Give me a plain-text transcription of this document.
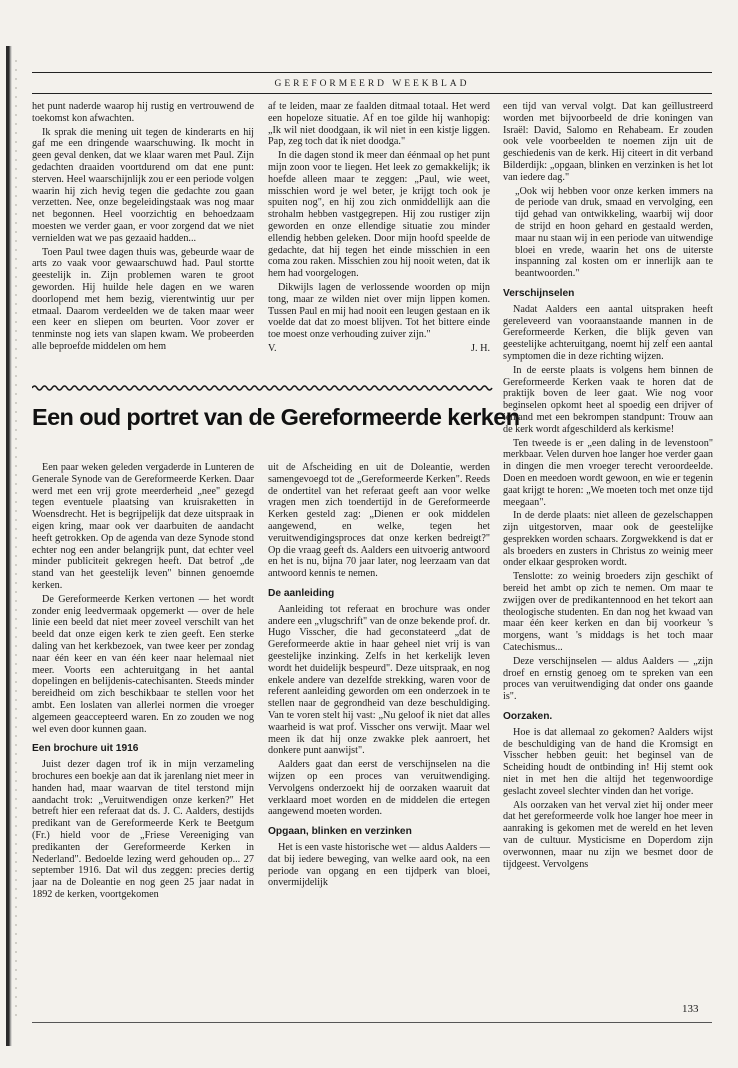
GEREFORMEERD WEEKBLAD

het punt naderde waarop hij rustig en vertrouwend de toekomst kon afwachten.

Ik sprak die mening uit tegen de kinderarts en hij gaf me een dringende waarschuwing. Ik mocht in geen geval denken, dat we klaar waren met Paul. Zijn gedachten draaiden voortdurend om dat ene punt: sterven. Heel waarschijnlijk zou er een periode volgen waarin hij zich hevig tegen die gedachte zou gaan verzetten. Nee, onze begeleidingstaak was nog maar net begonnen. Heel voorzichtig en behoedzaam moesten we verder gaan, er voor zorgend dat we niet vernielden wat we pas gezaaid hadden...

Toen Paul twee dagen thuis was, gebeurde waar de arts zo vaak voor gewaarschuwd had. Paul stortte geestelijk in. Zijn problemen waren te groot geworden. Hij huilde hele dagen en we waren doorlopend met hem bezig, vierentwintig uur per etmaal. Daarom verdeelden we de taken maar weer een keer en sliepen om beurten. Voor zover er tenminste nog iets van slapen kwam. We probeerden alle beproefde middelen om hem

af te leiden, maar ze faalden ditmaal totaal. Het werd een hopeloze situatie. Af en toe gilde hij wanhopig: „Ik wil niet doodgaan, ik wil niet in een kistje liggen. Pap, zeg toch dat ik niet doodga."

In die dagen stond ik meer dan éénmaal op het punt mijn zoon voor te liegen. Het leek zo gemakkelijk; ik hoefde alleen maar te zeggen: „Paul, wie weet, misschien word je wel beter, je krijgt toch ook je spuiten nog", en hij zou zich onmiddellijk aan die strohalm hebben vastgegrepen. Hij zou rustiger zijn geworden en onze ellendige situatie zou minder ellendig hebben geleken. Door mijn hoofd speelde de gedachte, dat hij tegen het einde misschien in een coma zou raken. Misschien zou hij nooit weten, dat ik hem had voorgelogen.

Dikwijls lagen de verlossende woorden op mijn tong, maar ze wilden niet over mijn lippen komen. Tussen Paul en mij had nooit een leugen gestaan en ik voelde dat dat zo moest blijven. Tot het bittere einde toe moest onze verhouding zuiver zijn."

V.	J. H.

Een oud portret van de Gereformeerde kerken

Een paar weken geleden vergaderde in Lunteren de Generale Synode van de Gereformeerde Kerken. Daar werd met een vrij grote meerderheid „nee" gezegd tegen eventuele plaatsing van kruisraketten in Woensdrecht. Het is begrijpelijk dat deze uitspraak in eigen kring, maar ook ver daarbuiten de aandacht heeft getrokken. Op de agenda van deze Synode stond echter nog een ander belangrijk punt, dat echter veel minder publiciteit gekregen heeft. Dat betrof „de stand van het geestelijk leven" binnen genoemde kerken.

De Gereformeerde Kerken vertonen — het wordt zonder enig leedvermaak opgemerkt — over de hele linie een beeld dat niet meer zoveel verschilt van het beeld dat onze eigen kerk te zien geeft. Een sterke daling van het kerkbezoek, van twee keer per zondag naar één keer en van één keer naar helemaal niet meer. Voorts een achteruitgang in het aantal dopelingen en belijdenis-catechisanten. Steeds minder bereidheid om zich beschikbaar te stellen voor het ambt. Een loslaten van allerlei normen die vroeger algemeen geaccepteerd waren. En zo zouden we nog wel even door kunnen gaan.

Een brochure uit 1916

Juist dezer dagen trof ik in mijn verzameling brochures een boekje aan dat ik jarenlang niet meer in handen had, maar waarvan de titel terstond mijn aandacht trok: „Veruitwendigen onze kerken?" Het betreft hier een referaat dat ds. J. C. Aalders, destijds predikant van de Gereformeerde Kerk te Beetgum (Fr.) hield voor de „Friese Vereeniging van predikanten der Gereformeerde Kerken in Nederland". Bedoelde lezing werd gehouden op... 27 september 1916. Dat wil dus zeggen: precies dertig jaar na de Doleantie en nog geen 25 jaar nadat in 1892 de kerken, voortgekomen

uit de Afscheiding en uit de Doleantie, werden samengevoegd tot de „Gereformeerde Kerken". Reeds de ondertitel van het referaat geeft aan voor welke vragen men zich toendertijd in de Gereformeerde Kerken gesteld zag: „Dienen er ook middelen aangewend, en welke, tegen het veruitwendigingsproces dat onze kerken bedreigt?" Op die vraag geeft ds. Aalders een uitvoerig antwoord en het is nu, bijna 70 jaar later, nog leerzaam van dat antwoord kennis te nemen.

De aanleiding

Aanleiding tot referaat en brochure was onder andere een „vlugschrift" van de onze bekende prof. dr. Hugo Visscher, die had geconstateerd „dat de Gereformeerde aktie in haar geheel niet vrij is van geestelijke inzinking. Zelfs in het kerkelijk leven wordt het duidelijk bespeurd". Deze uitspraak, en nog enkele andere van dezelfde strekking, waren voor de referent aanleiding geworden om een onderzoek in te stellen naar de gegrondheid van deze beschuldiging. Van te voren stelt hij vast: „Nu geloof ik niet dat alles waarheid is wat prof. Visscher ons verwijt. Maar wel meen ik dat hij onze zwakke plek aanroert, het donkere punt aanwijst".

Aalders gaat dan eerst de verschijnselen na die wijzen op een proces van veruitwendiging. Vervolgens onderzoekt hij de oorzaken waaruit dat verklaard moet worden en de middelen die ertegen aangewend moeten worden.

Opgaan, blinken en verzinken

Het is een vaste historische wet — aldus Aalders — dat bij iedere beweging, van welke aard ook, na een periode van opgang en een tijdperk van bloei, onvermijdelijk

een tijd van verval volgt. Dat kan geïllustreerd worden met bijvoorbeeld de drie koningen van Israël: David, Salomo en Rehabeam. Er zouden ook vele voorbeelden te noemen zijn uit de geschiedenis van de kerk. Hij citeert in dit verband Bilderdijk: „opgaan, blinken en verzinken is het lot van iedere dag."

„Ook wij hebben voor onze kerken immers na de periode van druk, smaad en vervolging, een tijd gehad van ontwikkeling, waarbij wij door de strijd en hoon gehard en gestaald werden, maar nu staan wij in een periode van uitwendige bloei en vrede, waarin het ons de uiterste inspanning zal kosten om er innerlijk aan te beantwoorden."

Verschijnselen

Nadat Aalders een aantal uitspraken heeft gereleveerd van vooraanstaande mannen in de Gereformeerde Kerken, die blijk geven van geestelijke achteruitgang, noemt hij zelf een aantal symptomen die in deze richting wijzen.

In de eerste plaats is volgens hem binnen de Gereformeerde Kerken vaak te horen dat de praktijk boven de leer gaat. Wie nog voor beginselen opkomt heet al spoedig een drijver of iemand met een bekrompen standpunt: Trouw aan de kerk wordt afgeschilderd als kerkisme!

Ten tweede is er „een daling in de levenstoon" merkbaar. Velen durven hoe langer hoe verder gaan in dingen die men vroeger terecht veroordeelde. Doen en meedoen wordt gewoon, en wie er tegenin gaat krijgt te horen: „We moeten toch met onze tijd meegaan".

In de derde plaats: niet alleen de gezelschappen zijn uitgestorven, maar ook de geestelijke gesprekken worden schaars. Zorgwekkend is dat er als broeders en zusters in Christus zo weinig meer onder elkaar gesproken wordt.

Tenslotte: zo weinig broeders zijn geschikt of bereid het ambt op zich te nemen. Om maar te zwijgen over de predikantennood en het tekort aan theologische studenten. En dan nog het kwaad van maar één keer kerken en dan bij voorkeur 's morgens, want 's middags is het toch maar Catechismus...

Deze verschijnselen — aldus Aalders — „zijn droef en ernstig genoeg om te spreken van een proces van veruitwendiging dat onder ons gaande is".

Oorzaken.

Hoe is dat allemaal zo gekomen? Aalders wijst de beschuldiging van de hand die Kromsigt en Visscher hebben geuit: het beginsel van de Scheiding houdt de ontbinding in! Hij stemt ook niet in met hen die altijd het tegenwoordige geslacht zoveel slechter vinden dan het vorige.

Als oorzaken van het verval ziet hij onder meer dat het gereformeerde volk hoe langer hoe meer in aanraking is gekomen met de wereld en het leven van de cultuur. Mysticisme en Doperdom zijn overwonnen, maar nu zijn we besmet door de tijdgeest. Vervolgens

133
